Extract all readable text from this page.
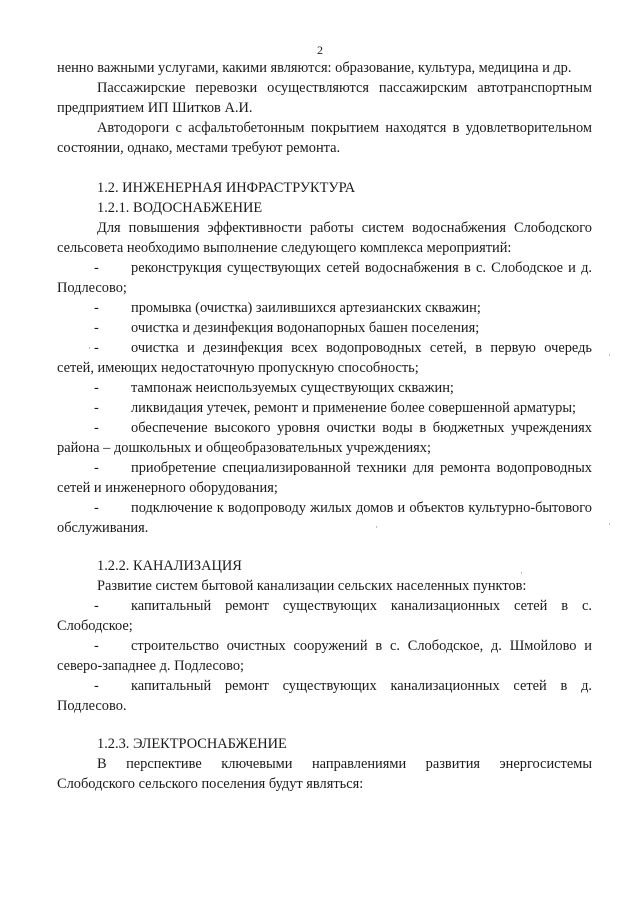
2

ненно важными услугами, какими являются: образование, культура, медицина и др.

Пассажирские перевозки осуществляются пассажирским автотранспортным предприятием ИП Шитков А.И.

Автодороги с асфальтобетонным покрытием находятся в удовлетворительном состоянии, однако, местами требуют ремонта.

1.2. ИНЖЕНЕРНАЯ ИНФРАСТРУКТУРА

1.2.1. ВОДОСНАБЖЕНИЕ

Для повышения эффективности работы систем водоснабжения Слободского сельсовета необходимо выполнение следующего комплекса мероприятий:

- реконструкция существующих сетей водоснабжения в с. Слободское и д. Подлесово;

- промывка (очистка) заилившихся артезианских скважин;

- очистка и дезинфекция водонапорных башен поселения;

- очистка и дезинфекция всех водопроводных сетей, в первую очередь сетей, имеющих недостаточную пропускную способность;

- тампонаж неиспользуемых существующих скважин;

- ликвидация утечек, ремонт и применение более совершенной арматуры;

- обеспечение высокого уровня очистки воды в бюджетных учреждениях района – дошкольных и общеобразовательных учреждениях;

- приобретение специализированной техники для ремонта водопроводных сетей и инженерного оборудования;

- подключение к водопроводу жилых домов и объектов культурно-бытового обслуживания.

1.2.2. КАНАЛИЗАЦИЯ

Развитие систем бытовой канализации сельских населенных пунктов:

- капитальный ремонт существующих канализационных сетей в с. Слободское;

- строительство очистных сооружений в с. Слободское, д. Шмойлово и северо-западнее д. Подлесово;

- капитальный ремонт существующих канализационных сетей в д. Подлесово.

1.2.3. ЭЛЕКТРОСНАБЖЕНИЕ

В перспективе ключевыми направлениями развития энергосистемы Слободского сельского поселения будут являться:

·
·
·
·
·
